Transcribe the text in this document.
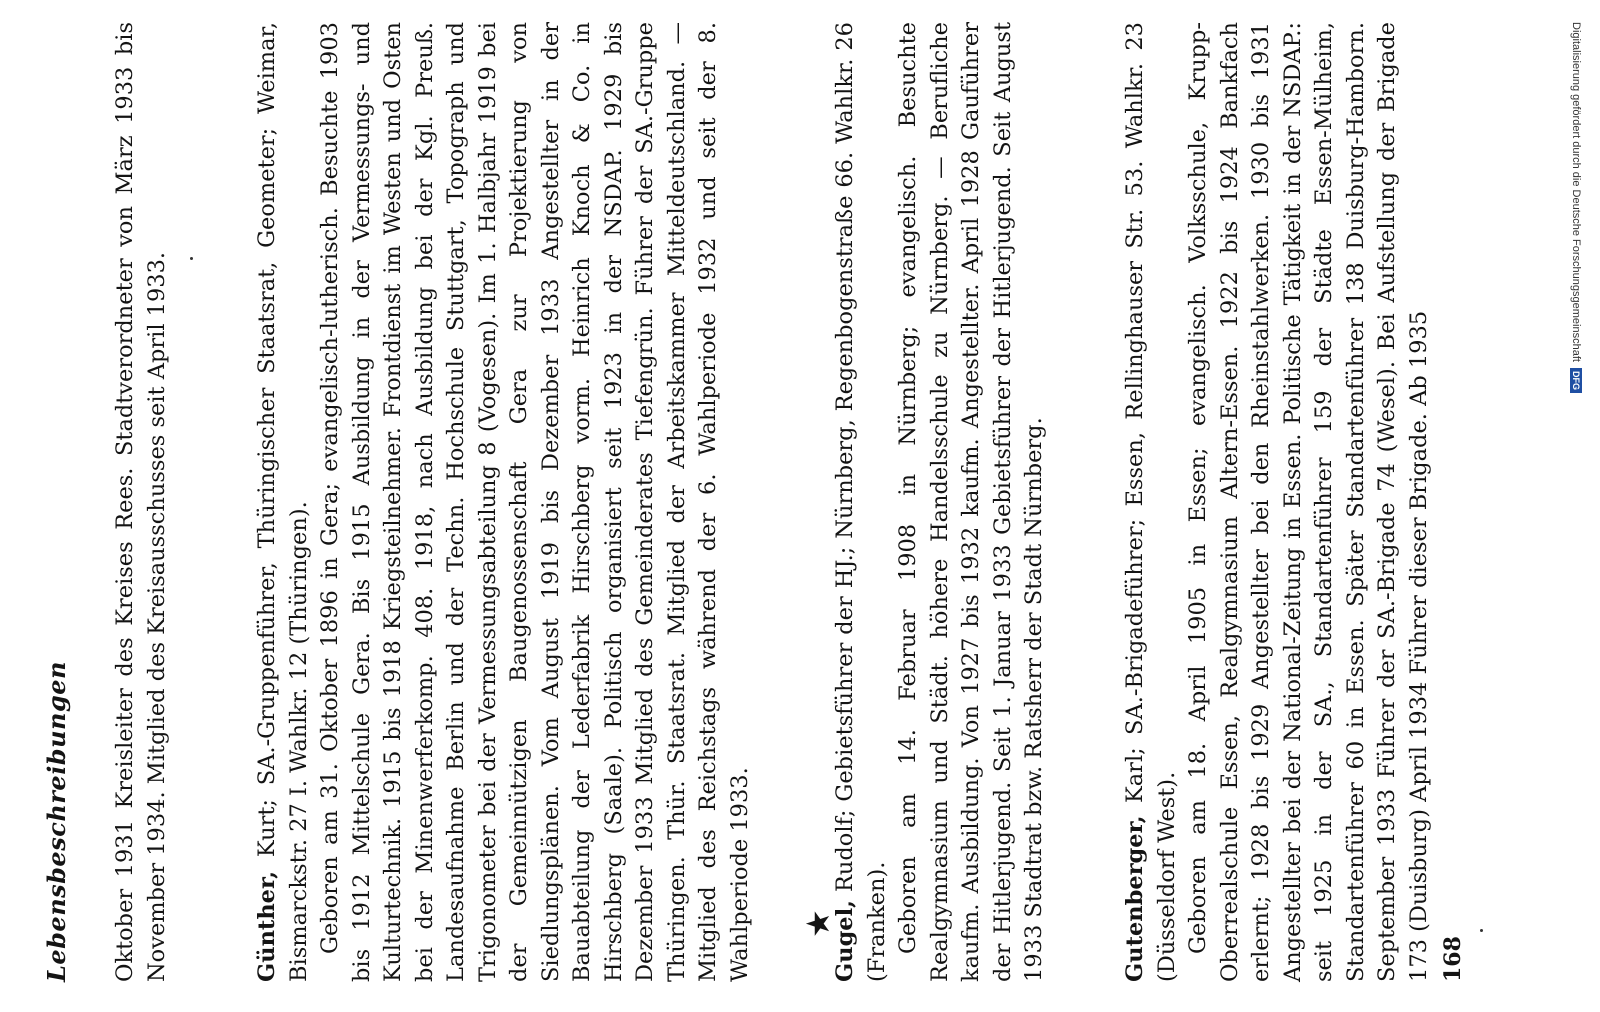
Lebensbeschreibungen Oktober 1931 Kreisleiter des Kreises Rees. Stadtverordneter von März 1933 bis November 1934. Mitglied des Kreisausschusses seit April 1933.	Günther, Kurt; SA.-Gruppenführer, Thüringischer Staatsrat, Geometer; Weimar, Bismarckstr. 27 I. Wahlkr. 12 (Thüringen). Geboren am 31. Oktober 1896 in Gera; evangelisch-lutherisch. Besuchte 1903 bis 1912 Mittelschule Gera. Bis 1915 Ausbildung in der Vermessungs- und Kulturtechnik. 1915 bis 1918 Kriegsteilnehmer. Frontdienst im Westen und Osten bei der Minenwerferkomp. 408. 1918, nach Ausbildung bei der Kgl. Preuß. Landesaufnahme Berlin und der Techn. Hochschule Stuttgart, Topograph und Trigonometer bei der Vermessungsabteilung 8 (Vogesen). Im 1. Halbjahr 1919 bei der Gemeinnützigen Baugenossenschaft Gera zur Projektierung von Siedlungsplänen. Vom August 1919 bis Dezember 1933 Angestellter in der Bauabteilung der Lederfabrik Hirschberg vorm. Heinrich Knoch & Co. in Hirschberg (Saale). Politisch organisiert seit 1923 in der NSDAP. 1929 bis Dezember 1933 Mitglied des Gemeinderates Tiefengrün. Führer der SA.-Gruppe Thüringen. Thür. Staatsrat. Mitglied der Arbeitskammer Mitteldeutschland. — Mitglied des Reichstags während der 6. Wahlperiode 1932 und seit der 8. Wahlperiode 1933. ★

Gugel, Rudolf; Gebietsführer der HJ.; Nürnberg, Regenbogenstraße 66. Wahlkr. 26 (Franken). Geboren am 14. Februar 1908 in Nürnberg; evangelisch. Besuchte Realgymnasium und Städt. höhere Handelsschule zu Nürnberg. — Berufliche kaufm. Ausbildung. Von 1927 bis 1932 kaufm. Angestellter. April 1928 Gauführer der Hitlerjugend. Seit 1. Januar 1933 Gebietsführer der Hitlerjugend. Seit August 1933 Stadtrat bzw. Ratsherr der Stadt Nürnberg.	Gutenberger, Karl; SA.-Brigadeführer; Essen, Rellinghauser Str. 53. Wahlkr. 23 (Düsseldorf West). Geboren am 18. April 1905 in Essen; evangelisch. Volksschule, Krupp-Oberrealschule Essen, Realgymnasium Altern-Essen. 1922 bis 1924 Bankfach erlernt; 1928 bis 1929 Angestellter bei den Rheinstahlwerken. 1930 bis 1931 Angestellter bei der National-Zeitung in Essen. Politische Tätigkeit in der NSDAP.: seit 1925 in der SA., Standartenführer 159 der Städte Essen-Mülheim, Standartenführer 60 in Essen. Später Standartenführer 138 Duisburg-Hamborn. September 1933 Führer der SA.-Brigade 74 (Wesel). Bei Aufstellung der Brigade 173 (Duisburg) April 1934 Führer dieser Brigade. Ab 1935 168
Digitalisierung gefördert durch die Deutsche Forschungsgemeinschaft
DFG
